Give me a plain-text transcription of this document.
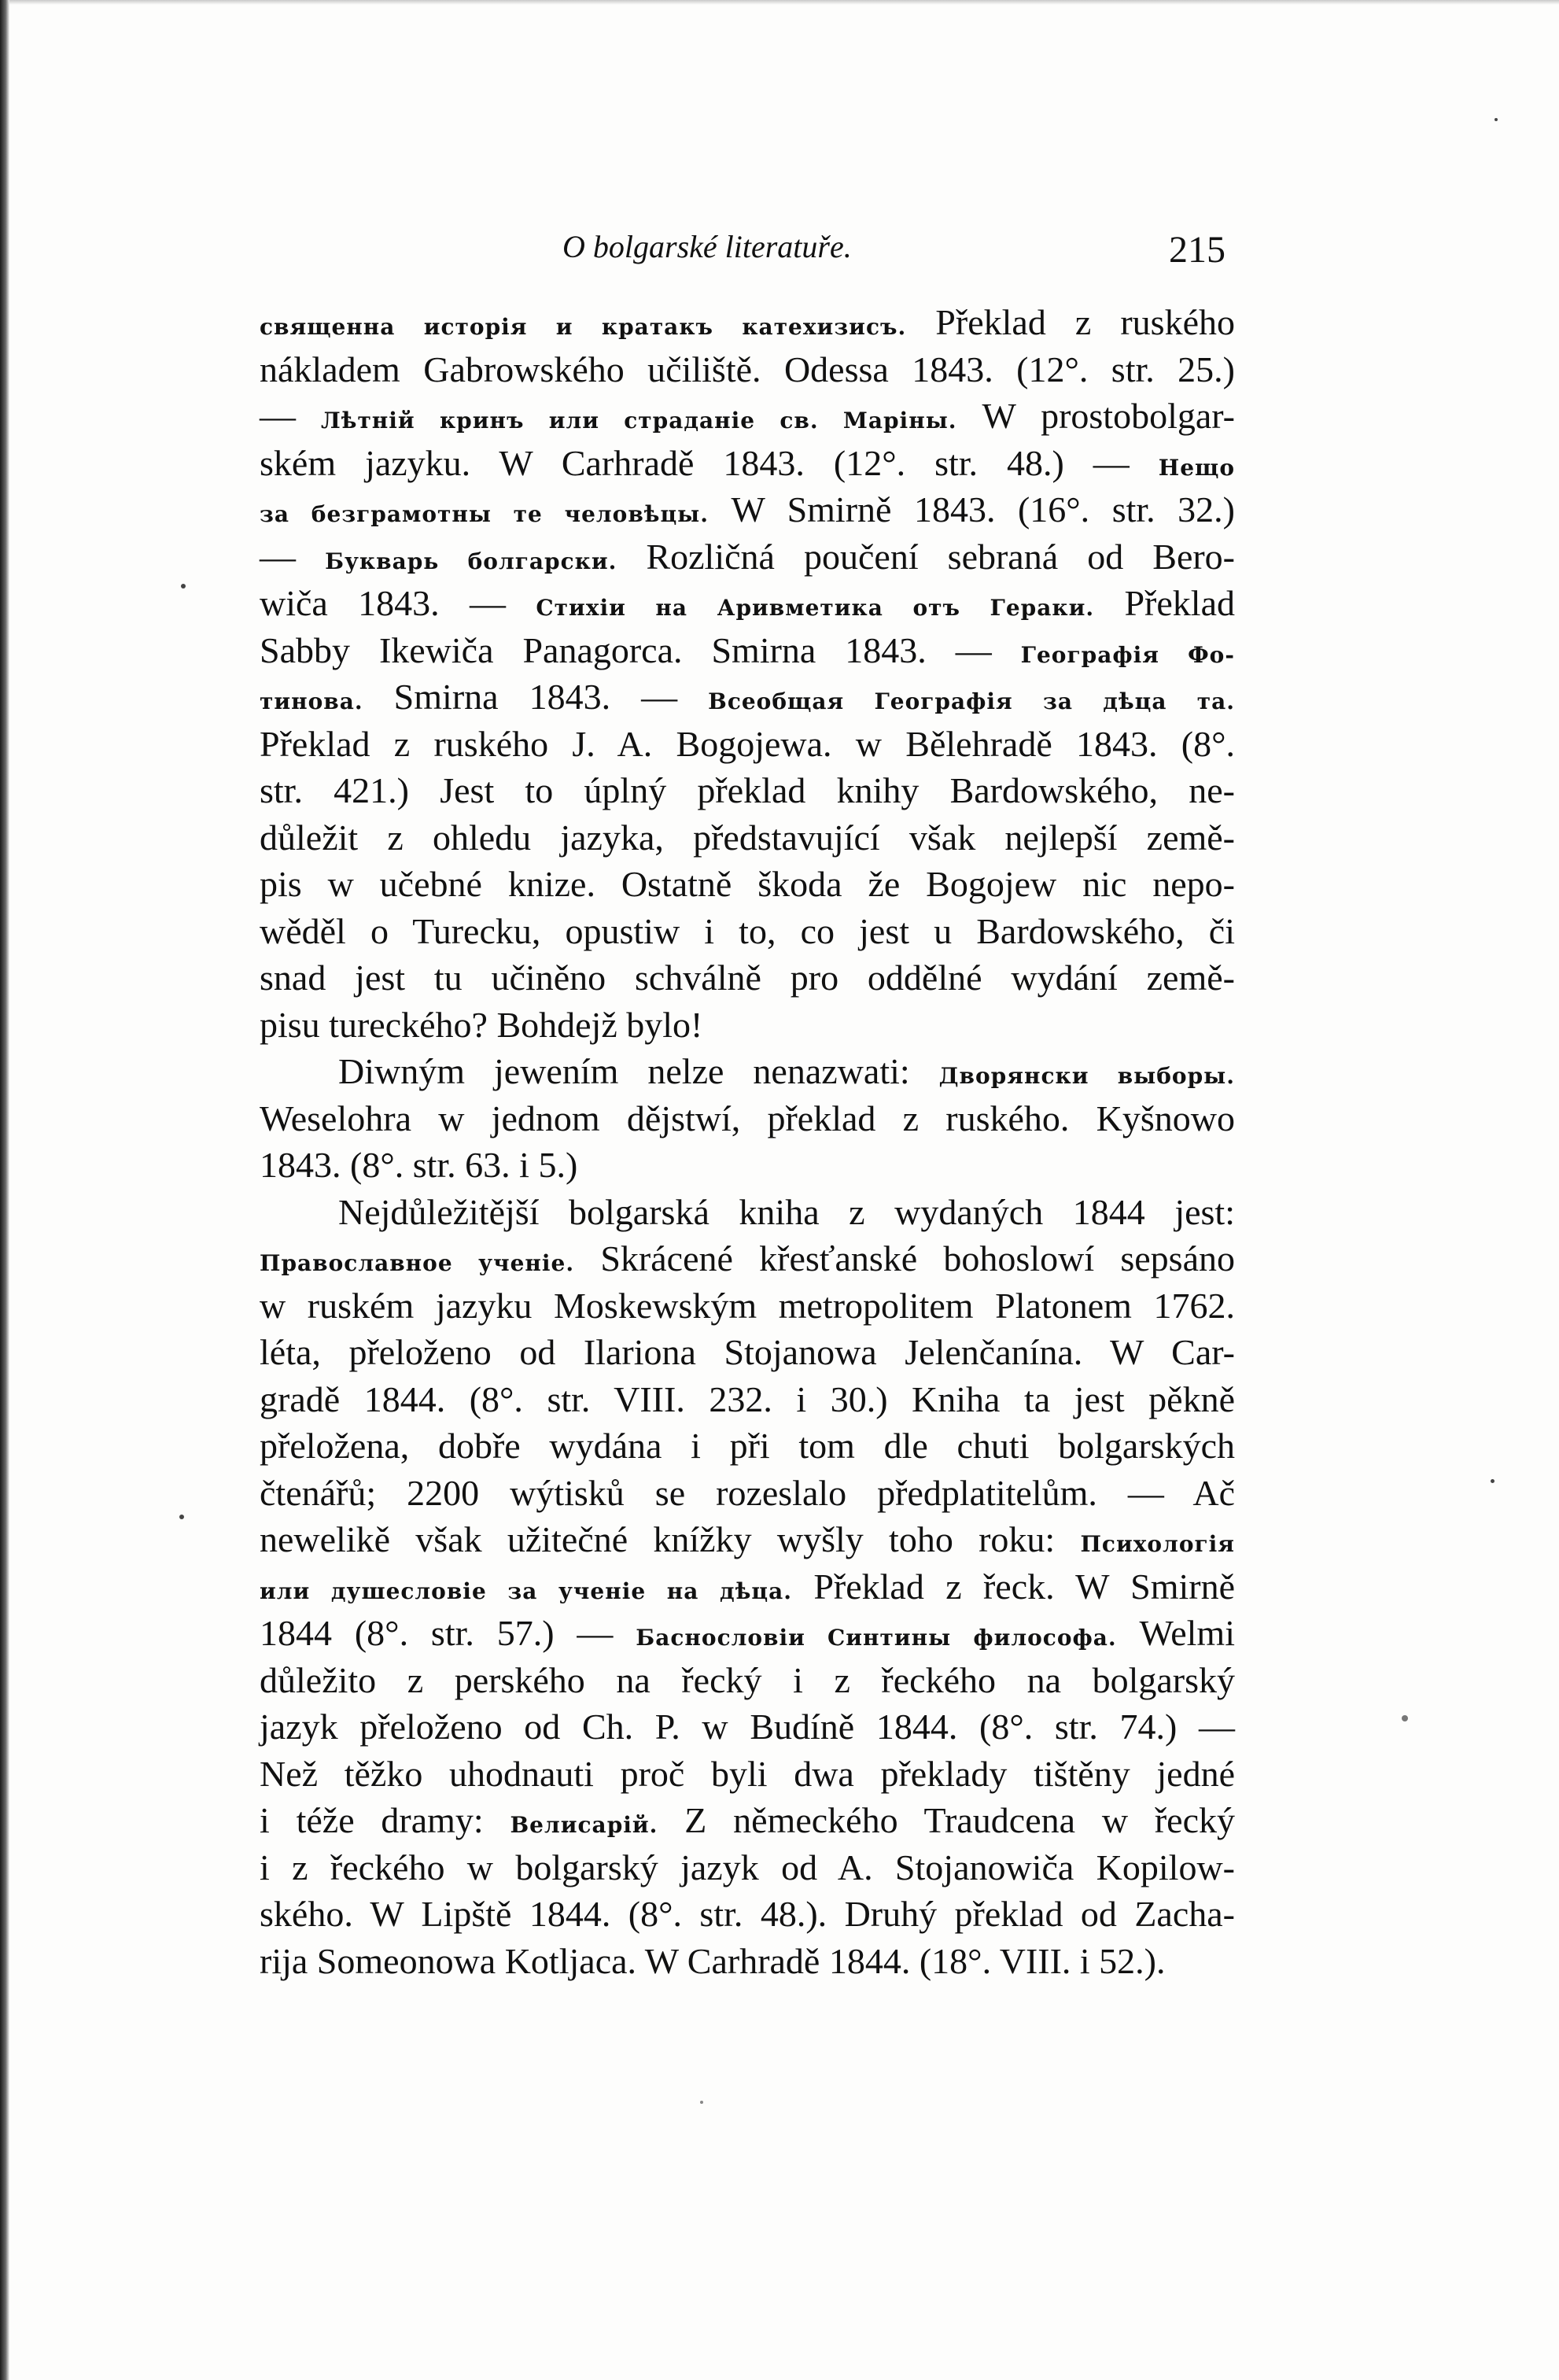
O bolgarské literatuře.	215
священна исторія и кратакъ катехизисъ. Překlad z ruského
nákladem Gabrowského učiliště. Odessa 1843. (12°. str. 25.)
— Лѣтній кринъ или страданіе св. Маріны. W prostobolgar-
ském jazyku. W Carhradě 1843. (12°. str. 48.) — Нещо
за безграмотны те человѣцы. W Smirně 1843. (16°. str. 32.)
— Букварь болгарски. Rozličná poučení sebraná od Bero-
wiča 1843. — Стихіи на Аривметика отъ Гераки. Překlad
Sabby Ikewiča Panagorca. Smirna 1843. — Географія Фо-
тинова. Smirna 1843. — Всеобщая Географія за дѣца та.
Překlad z ruského J. A. Bogojewa. w Bělehradě 1843. (8°.
str. 421.) Jest to úplný překlad knihy Bardowského, ne-
důležit z ohledu jazyka, představující však nejlepší země-
pis w učebné knize. Ostatně škoda že Bogojew nic nepo-
wěděl o Turecku, opustiw i to, co jest u Bardowského, či
snad jest tu učiněno schválně pro oddělné wydání země-
pisu tureckého? Bohdejž bylo!
Diwným jewením nelze nenazwati: Дворянски выборы.
Weselohra w jednom dějstwí, překlad z ruského. Kyšnowo
1843. (8°. str. 63. i 5.)
Nejdůležitější bolgarská kniha z wydaných 1844 jest:
Православное ученіе. Skrácené křesťanské bohoslowí sepsáno
w ruském jazyku Moskewským metropolitem Platonem 1762.
léta, přeloženo od Ilariona Stojanowa Jelenčanína. W Car-
gradě 1844. (8°. str. VIII. 232. i 30.) Kniha ta jest pěkně
přeložena, dobře wydána i při tom dle chuti bolgarských
čtenářů; 2200 wýtisků se rozeslalo předplatitelům. — Ač
newelikě však užitečné knížky wyšly toho roku: Психологія
или душесловіе за ученіе на дѣца. Překlad z řeck. W Smirně
1844 (8°. str. 57.) — Баснословіи Синтины философа. Welmi
důležito z perského na řecký i z řeckého na bolgarský
jazyk přeloženo od Ch. P. w Budíně 1844. (8°. str. 74.) —
Než těžko uhodnauti proč byli dwa překlady tištěny jedné
i téže dramy: Велисарій. Z německého Traudcena w řecký
i z řeckého w bolgarský jazyk od A. Stojanowiča Kopilow-
ského. W Lipště 1844. (8°. str. 48.). Druhý překlad od Zacha-
rija Someonowa Kotljaca. W Carhradě 1844. (18°. VIII. i 52.).
